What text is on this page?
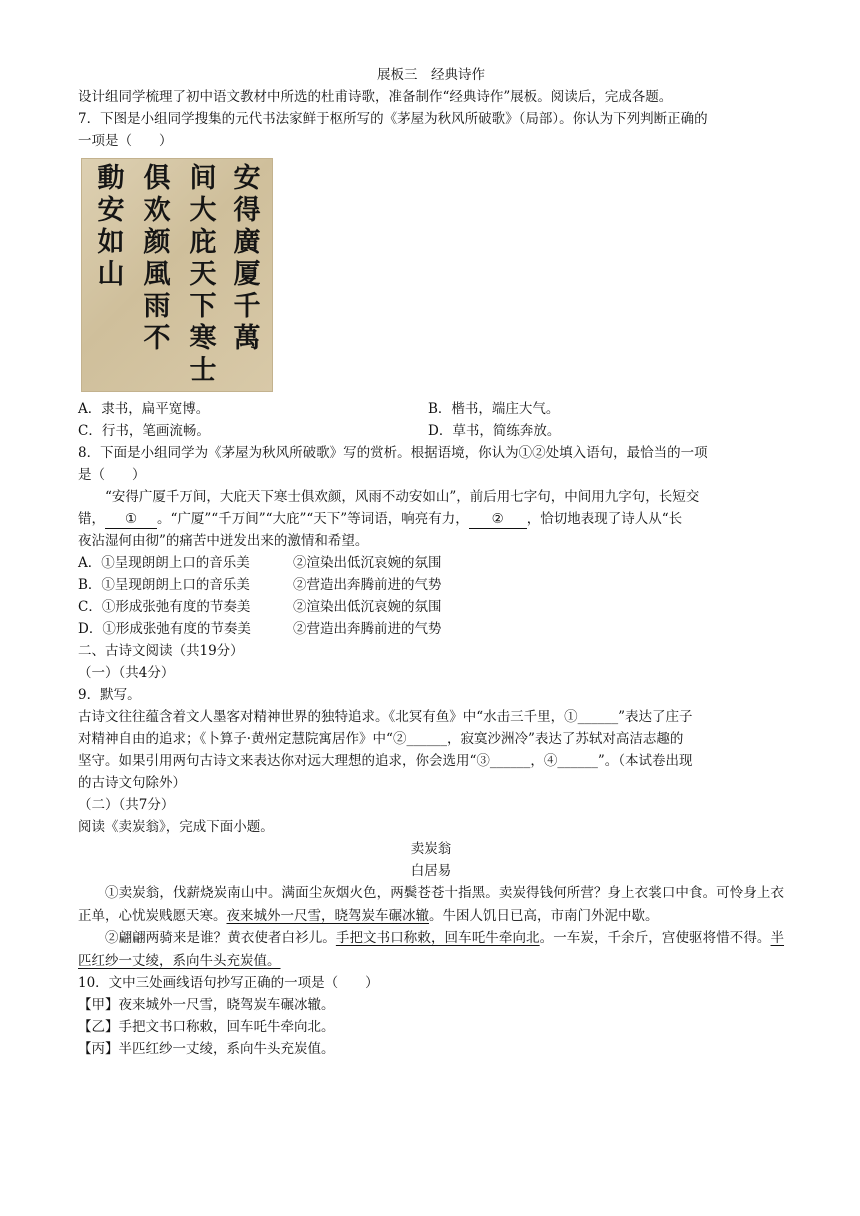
展板三　经典诗作
设计组同学梳理了初中语文教材中所选的杜甫诗歌，准备制作“经典诗作”展板。阅读后，完成各题。
7．下图是小组同学搜集的元代书法家鲜于枢所写的《茅屋为秋风所破歌》（局部）。你认为下列判断正确的
一项是（　　）
安
得
廣
厦
千
萬
间
大
庇
天
下
寒
士
俱
欢
颜
風
雨
不
動
安
如
山
A．隶书，扁平宽博。	B．楷书，端庄大气。
C．行书，笔画流畅。	D．草书，简练奔放。
8．下面是小组同学为《茅屋为秋风所破歌》写的赏析。根据语境，你认为①②处填入语句，最恰当的一项
是（　　）
“安得广厦千万间，大庇天下寒士俱欢颜，风雨不动安如山”，前后用七字句，中间用九字句，长短交
错， ① 。“广厦”“千万间”“大庇”“天下”等词语，响亮有力， ② ，恰切地表现了诗人从“长
夜沾湿何由彻”的痛苦中迸发出来的激情和希望。
A．①呈现朗朗上口的音乐美	②渲染出低沉哀婉的氛围
B．①呈现朗朗上口的音乐美	②营造出奔腾前进的气势
C．①形成张弛有度的节奏美	②渲染出低沉哀婉的氛围
D．①形成张弛有度的节奏美	②营造出奔腾前进的气势
二、古诗文阅读（共19分）
（一）（共4分）
9．默写。
古诗文往往蕴含着文人墨客对精神世界的独特追求。《北冥有鱼》中“水击三千里，①______”表达了庄子
对精神自由的追求；《卜算子·黄州定慧院寓居作》中“②______，寂寞沙洲冷”表达了苏轼对高洁志趣的
坚守。如果引用两句古诗文来表达你对远大理想的追求，你会选用“③______，④______”。（本试卷出现
的古诗文句除外）
（二）（共7分）
阅读《卖炭翁》，完成下面小题。
卖炭翁
白居易
①卖炭翁，伐薪烧炭南山中。满面尘灰烟火色，两鬓苍苍十指黑。卖炭得钱何所营？身上衣裳口中食。可怜身上衣正单，心忧炭贱愿天寒。夜来城外一尺雪，晓驾炭车碾冰辙。牛困人饥日已高，市南门外泥中歇。
②翩翩两骑来是谁？黄衣使者白衫儿。手把文书口称敕，回车吒牛牵向北。一车炭，千余斤，宫使驱将惜不得。半匹红纱一丈绫，系向牛头充炭值。
10．文中三处画线语句抄写正确的一项是（　　）
【甲】夜来城外一尺雪，晓驾炭车碾冰辙。
【乙】手把文书口称敕，回车吒牛牵向北。
【丙】半匹红纱一丈绫，系向牛头充炭值。
